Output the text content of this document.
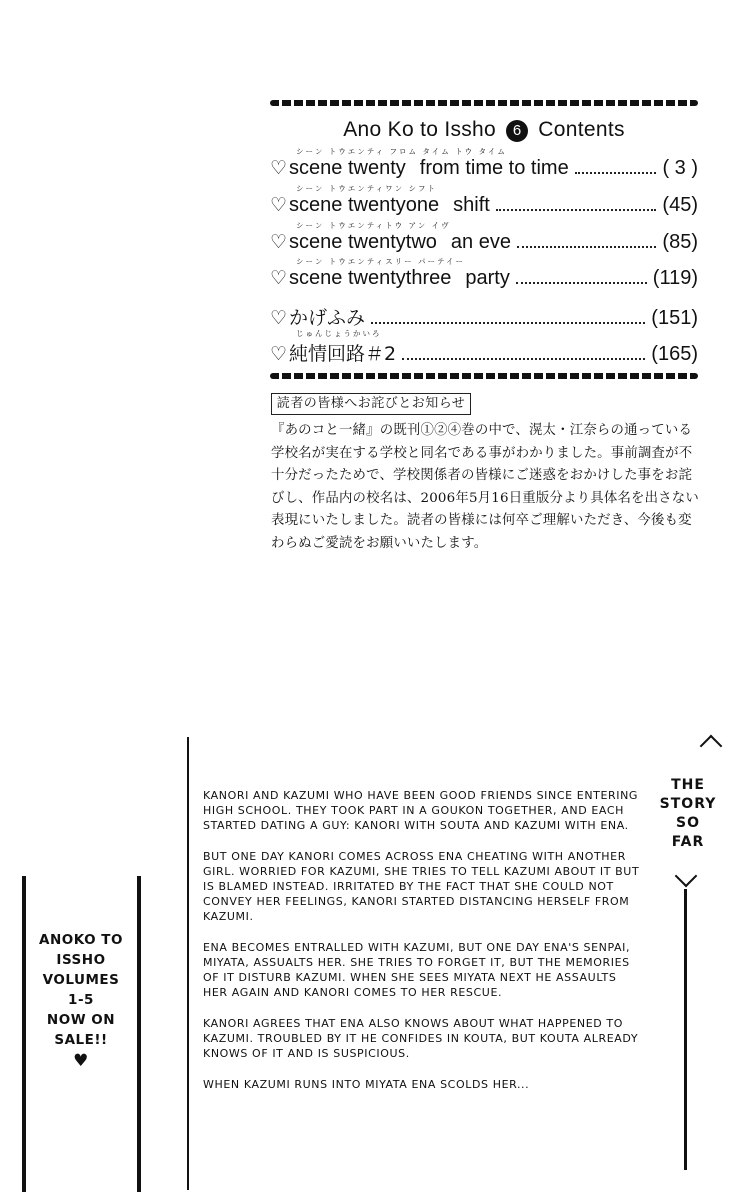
Ano Ko to Issho 6 Contents
シーン トウエンティ フロム タイム トウ タイム
♡ scene twenty from time to time	( 3 )
シーン トウエンティワン シフト
♡ scene twentyone shift	(45)
シーン トウエンティトウ アン イヴ
♡ scene twentytwo an eve	(85)
シーン トウエンティスリー パーテイー
♡ scene twentythree party	(119)
♡ かげふみ	(151)
じゅんじょうかいろ
♡ 純情回路＃2	(165)
読者の皆様へお詫びとお知らせ
『あのコと一緒』の既刊①②④巻の中で、滉太・江奈らの通っている学校名が実在する学校と同名である事がわかりました。事前調査が不十分だったためで、学校関係者の皆様にご迷惑をおかけした事をお詫びし、作品内の校名は、2006年5月16日重版分より具体名を出さない表現にいたしました。読者の皆様には何卒ご理解いただき、今後も変わらぬご愛読をお願いいたします。

KANORI AND KAZUMI WHO HAVE BEEN GOOD FRIENDS SINCE ENTERING HIGH SCHOOL. THEY TOOK PART IN A GOUKON TOGETHER, AND EACH STARTED DATING A GUY: KANORI WITH SOUTA AND KAZUMI WITH ENA.

BUT ONE DAY KANORI COMES ACROSS ENA CHEATING WITH ANOTHER GIRL. WORRIED FOR KAZUMI, SHE TRIES TO TELL KAZUMI ABOUT IT BUT IS BLAMED INSTEAD. IRRITATED BY THE FACT THAT SHE COULD NOT CONVEY HER FEELINGS, KANORI STARTED DISTANCING HERSELF FROM KAZUMI.

ENA BECOMES ENTRALLED WITH KAZUMI, BUT ONE DAY ENA'S SENPAI, MIYATA, ASSUALTS HER. SHE TRIES TO FORGET IT, BUT THE MEMORIES OF IT DISTURB KAZUMI. WHEN SHE SEES MIYATA NEXT HE ASSAULTS HER AGAIN AND KANORI COMES TO HER RESCUE.

KANORI AGREES THAT ENA ALSO KNOWS ABOUT WHAT HAPPENED TO KAZUMI. TROUBLED BY IT HE CONFIDES IN KOUTA, BUT KOUTA ALREADY KNOWS OF IT AND IS SUSPICIOUS.

WHEN KAZUMI RUNS INTO MIYATA ENA SCOLDS HER...

THE
STORY
SO
FAR
ANOKO TO
ISSHO
VOLUMES
1-5
NOW ON
SALE!!
♥
